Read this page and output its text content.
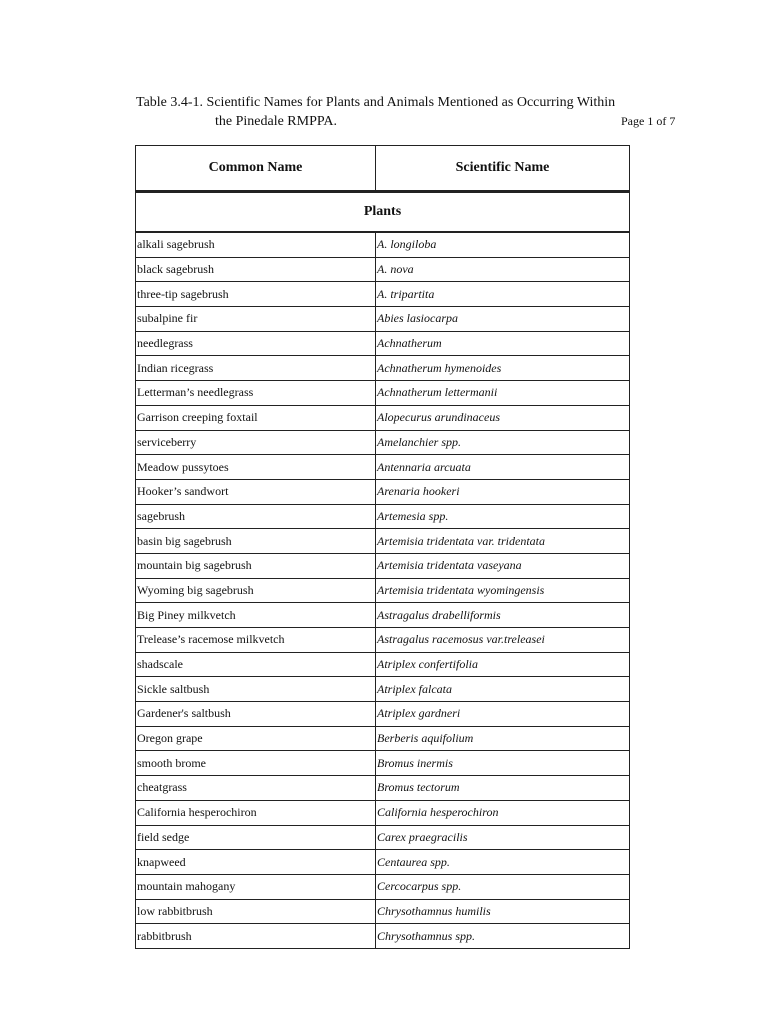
Table 3.4-1. Scientific Names for Plants and Animals Mentioned as Occurring Within
the Pinedale RMPPA.	Page 1 of 7
Common Name	Scientific Name
Plants	
alkali sagebrush	A. longiloba
black sagebrush	A. nova
three-tip sagebrush	A. tripartita
subalpine fir	Abies lasiocarpa
needlegrass	Achnatherum
Indian ricegrass	Achnatherum hymenoides
Letterman’s needlegrass	Achnatherum lettermanii
Garrison creeping foxtail	Alopecurus arundinaceus
serviceberry	Amelanchier spp.
Meadow pussytoes	Antennaria arcuata
Hooker’s sandwort	Arenaria hookeri
sagebrush	Artemesia spp.
basin big sagebrush	Artemisia tridentata var. tridentata
mountain big sagebrush	Artemisia tridentata vaseyana
Wyoming big sagebrush	Artemisia tridentata wyomingensis
Big Piney milkvetch	Astragalus drabelliformis
Trelease’s racemose milkvetch	Astragalus racemosus var.treleasei
shadscale	Atriplex confertifolia
Sickle saltbush	Atriplex falcata
Gardener's saltbush	Atriplex gardneri
Oregon grape	Berberis aquifolium
smooth brome	Bromus inermis
cheatgrass	Bromus tectorum
California hesperochiron	California hesperochiron
field sedge	Carex praegracilis
knapweed	Centaurea spp.
mountain mahogany	Cercocarpus spp.
low rabbitbrush	Chrysothamnus humilis
rabbitbrush	Chrysothamnus spp.
